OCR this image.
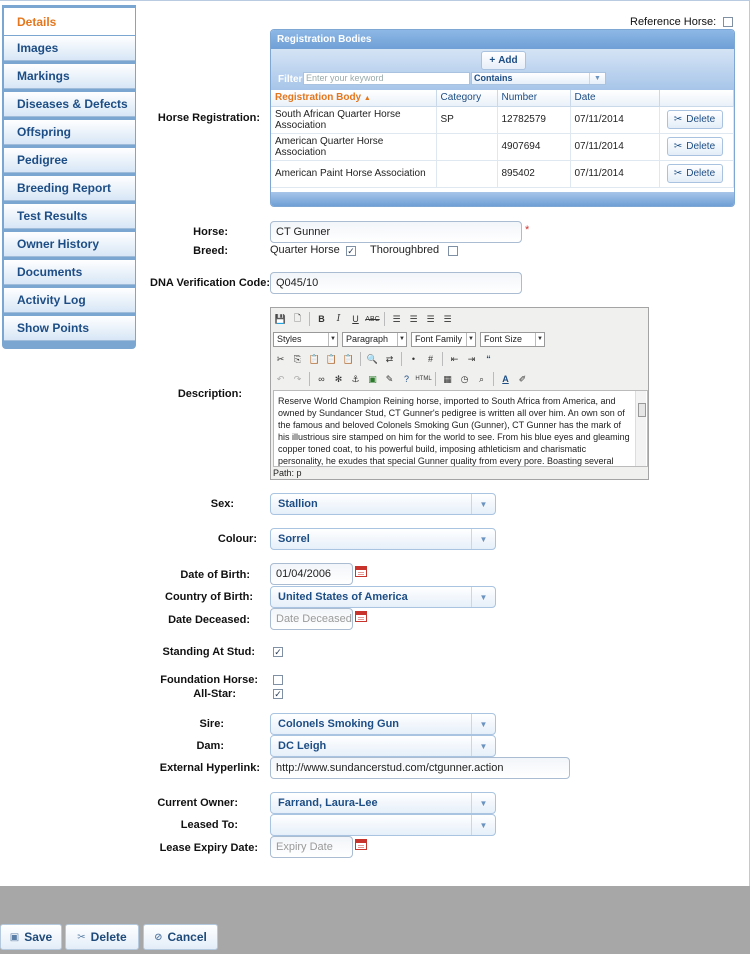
Details
Images
Markings
Diseases & Defects
Offspring
Pedigree
Breeding Report
Test Results
Owner History
Documents
Activity Log
Show Points
Reference Horse:
Horse Registration:
Registration Bodies
+ Add
Filter Enter your keyword	Contains	▼
Registration Body ▲	Category	Number	Date	
South African Quarter Horse Association	SP	12782579	07/11/2014	✂ Delete

American Quarter Horse Association		4907694	07/11/2014	✂ Delete

American Paint Horse Association		895402	07/11/2014	✂ Delete
Horse:	CT Gunner	*
Breed:	Quarter Horse ✓ Thoroughbred
DNA Verification Code: Q045/10
Description:
💾 🗋	B	I	U ABC	☰ ☰ ☰ ☰
Styles	▼ Paragraph	▼ Font Family	▼ Font Size	▼
✂	⎘ 📋 📋 📋 🔍 ⇄	•	#	⇤	⇥	“
↶	↷	∞	✻	⚓ ▣ ✎	?	HTML	▦ ◷	⌕	A	✐
Reserve World Champion Reining horse, imported to South Africa from America, and owned by Sundancer Stud, CT Gunner's pedigree is written all over him. An own son of the famous and beloved Colonels Smoking Gun (Gunner), CT Gunner has the mark of his illustrious sire stamped on him for the world to see. From his blue eyes and gleaming copper toned coat, to his powerful build, imposing athleticism and charismatic personality, he exudes that special Gunner quality from every pore. Boasting several
Path: p
Sex:	Stallion	▼
Colour: Sorrel	▼
Date of Birth:	01/04/2006
Country of Birth: United States of America	▼
Date Deceased:	Date Deceased
Standing At Stud: ✓
Foundation Horse:
All-Star:	✓
Sire:	Colonels Smoking Gun	▼
Dam:	DC Leigh	▼
External Hyperlink:	http://www.sundancerstud.com/ctgunner.action
Current Owner:	Farrand, Laura-Lee	▼
Leased To:	▼
Lease Expiry Date:	Expiry Date
▣ Save	✂ Delete	⊘ Cancel
